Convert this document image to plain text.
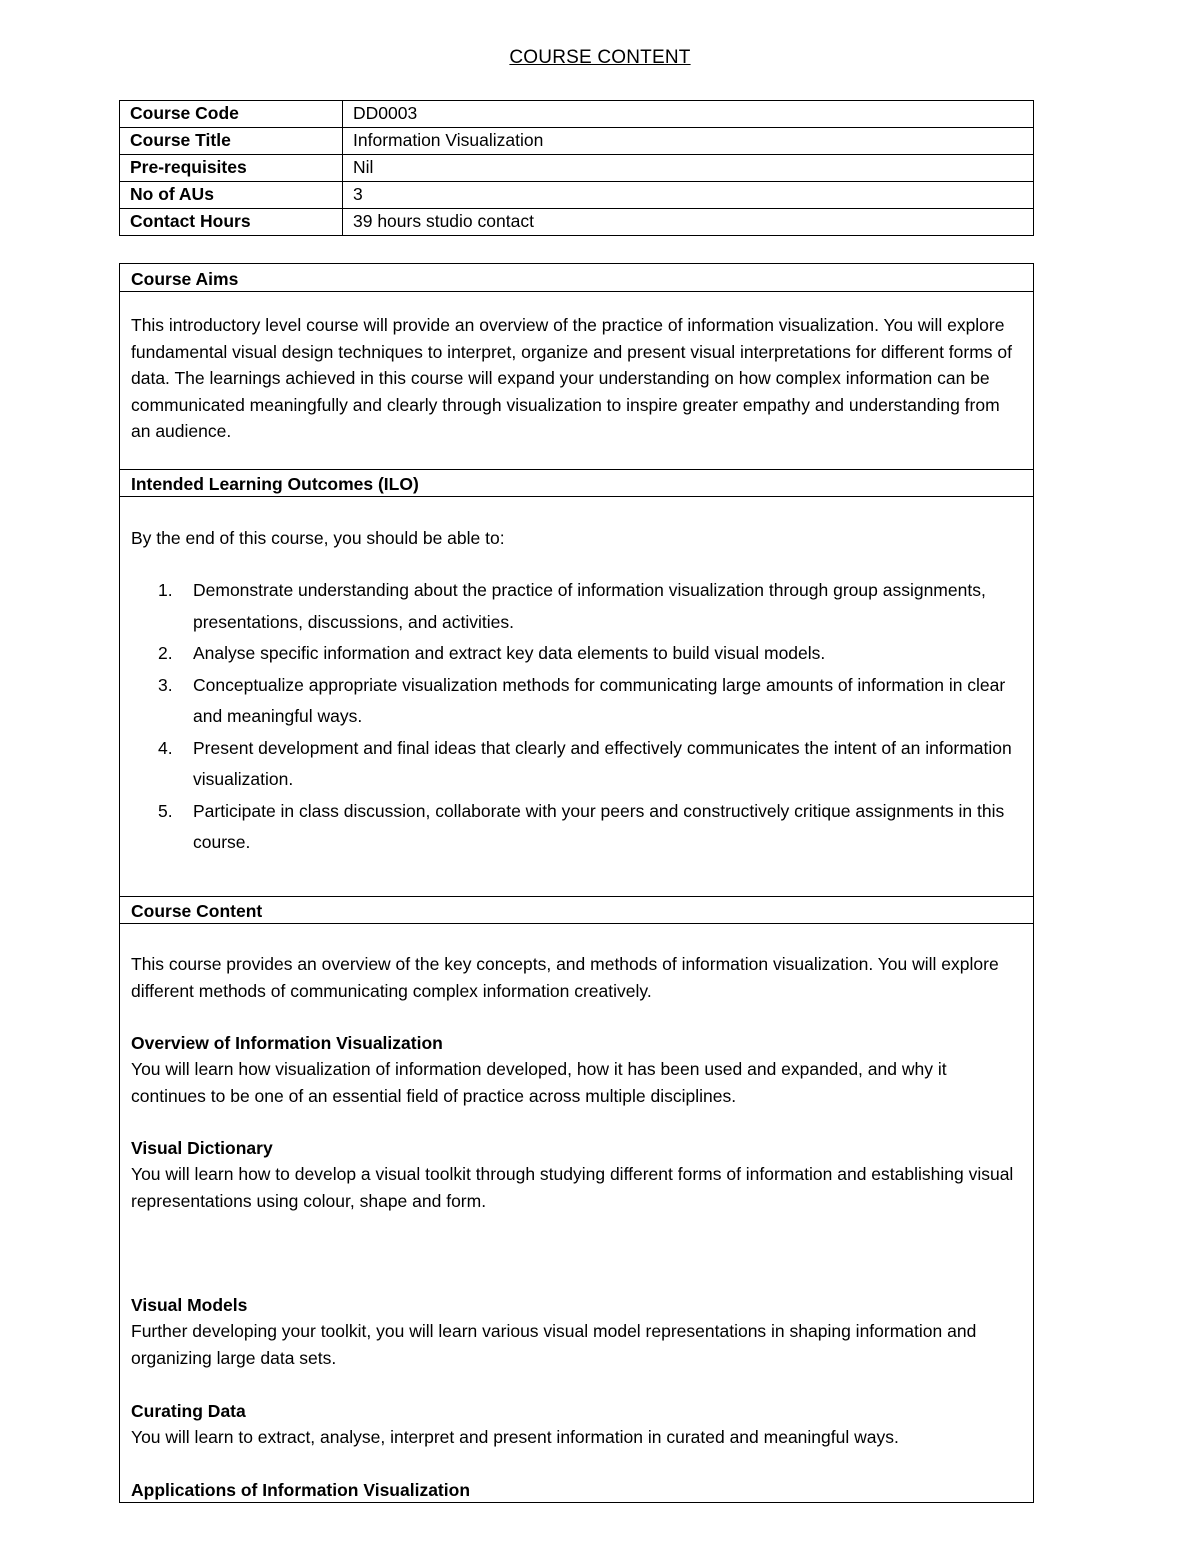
COURSE CONTENT
Course Code	DD0003
Course Title	Information Visualization
Pre-requisites	Nil
No of AUs	3
Contact Hours	39 hours studio contact

Course Aims

This introductory level course will provide an overview of the practice of information visualization. You will explore fundamental visual design techniques to interpret, organize and present visual interpretations for different forms of data. The learnings achieved in this course will expand your understanding on how complex information can be communicated meaningfully and clearly through visualization to inspire greater empathy and understanding from an audience.

Intended Learning Outcomes (ILO)

By the end of this course, you should be able to:

1. Demonstrate understanding about the practice of information visualization through group assignments, presentations, discussions, and activities.
2. Analyse specific information and extract key data elements to build visual models.
3. Conceptualize appropriate visualization methods for communicating large amounts of information in clear and meaningful ways.
4. Present development and final ideas that clearly and effectively communicates the intent of an information visualization.
5. Participate in class discussion, collaborate with your peers and constructively critique assignments in this course.

Course Content

This course provides an overview of the key concepts, and methods of information visualization. You will explore different methods of communicating complex information creatively.

Overview of Information Visualization

You will learn how visualization of information developed, how it has been used and expanded, and why it continues to be one of an essential field of practice across multiple disciplines.

Visual Dictionary

You will learn how to develop a visual toolkit through studying different forms of information and establishing visual representations using colour, shape and form.

Visual Models

Further developing your toolkit, you will learn various visual model representations in shaping information and organizing large data sets.

Curating Data

You will learn to extract, analyse, interpret and present information in curated and meaningful ways.

Applications of Information Visualization
